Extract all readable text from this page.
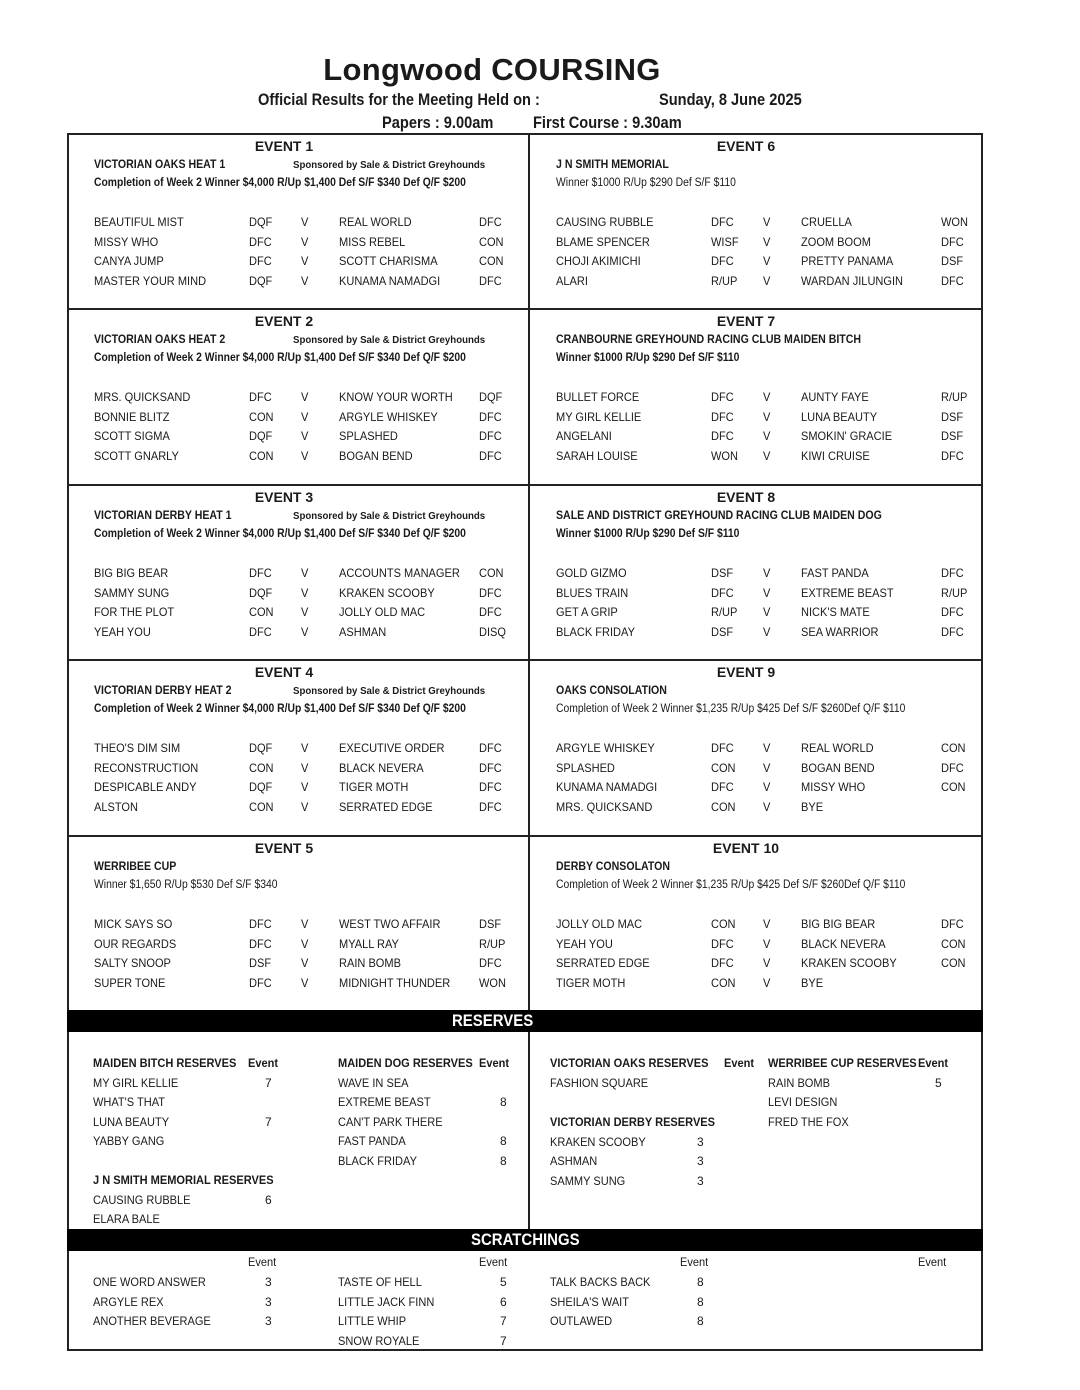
Longwood COURSING
Official Results for the Meeting Held on :	Sunday, 8 June 2025
Papers : 9.00am First Course : 9.30am
EVENT 1
VICTORIAN OAKS HEAT 1	Sponsored by Sale & District Greyhounds
Completion of Week 2 Winner $4,000 R/Up $1,400 Def S/F $340 Def Q/F $200
BEAUTIFUL MIST	DQF V	REAL WORLD	DFC
MISSY WHO	DFC V	MISS REBEL	CON
CANYA JUMP	DFC V	SCOTT CHARISMA	CON
MASTER YOUR MIND	DQF V	KUNAMA NAMADGI	DFC
EVENT 2
VICTORIAN OAKS HEAT 2	Sponsored by Sale & District Greyhounds
Completion of Week 2 Winner $4,000 R/Up $1,400 Def S/F $340 Def Q/F $200
MRS. QUICKSAND	DFC V	KNOW YOUR WORTH DQF
BONNIE BLITZ	CON V	ARGYLE WHISKEY	DFC
SCOTT SIGMA	DQF V	SPLASHED	DFC
SCOTT GNARLY	CON V	BOGAN BEND	DFC
EVENT 3
VICTORIAN DERBY HEAT 1	Sponsored by Sale & District Greyhounds
Completion of Week 2 Winner $4,000 R/Up $1,400 Def S/F $340 Def Q/F $200
BIG BIG BEAR	DFC V	ACCOUNTS MANAGER CON
SAMMY SUNG	DQF V	KRAKEN SCOOBY	DFC
FOR THE PLOT	CON V	JOLLY OLD MAC	DFC
YEAH YOU	DFC V	ASHMAN	DISQ
EVENT 4
VICTORIAN DERBY HEAT 2	Sponsored by Sale & District Greyhounds
Completion of Week 2 Winner $4,000 R/Up $1,400 Def S/F $340 Def Q/F $200
THEO'S DIM SIM	DQF V	EXECUTIVE ORDER	DFC
RECONSTRUCTION	CON V	BLACK NEVERA	DFC
DESPICABLE ANDY	DQF V	TIGER MOTH	DFC
ALSTON	CON V	SERRATED EDGE	DFC
EVENT 5
WERRIBEE CUP
Winner $1,650 R/Up $530 Def S/F $340
MICK SAYS SO	DFC V	WEST TWO AFFAIR	DSF
OUR REGARDS	DFC V	MYALL RAY	R/UP
SALTY SNOOP	DSF V	RAIN BOMB	DFC
SUPER TONE	DFC V	MIDNIGHT THUNDER WON
EVENT 6
J N SMITH MEMORIAL
Winner $1000 R/Up $290 Def S/F $110
CAUSING RUBBLE	DFC V	CRUELLA	WON
BLAME SPENCER	WISF V	ZOOM BOOM	DFC
CHOJI AKIMICHI	DFC V	PRETTY PANAMA	DSF
ALARI	R/UP V	WARDAN JILUNGIN	DFC
EVENT 7
CRANBOURNE GREYHOUND RACING CLUB MAIDEN BITCH
Winner $1000 R/Up $290 Def S/F $110
BULLET FORCE	DFC V	AUNTY FAYE	R/UP
MY GIRL KELLIE	DFC V	LUNA BEAUTY	DSF
ANGELANI	DFC V	SMOKIN' GRACIE	DSF
SARAH LOUISE	WON V	KIWI CRUISE	DFC
EVENT 8
SALE AND DISTRICT GREYHOUND RACING CLUB MAIDEN DOG
Winner $1000 R/Up $290 Def S/F $110
GOLD GIZMO	DSF V	FAST PANDA	DFC
BLUES TRAIN	DFC V	EXTREME BEAST	R/UP
GET A GRIP	R/UP V	NICK'S MATE	DFC
BLACK FRIDAY	DSF V	SEA WARRIOR	DFC
EVENT 9
OAKS CONSOLATION
Completion of Week 2 Winner $1,235 R/Up $425 Def S/F $260Def Q/F $110
ARGYLE WHISKEY	DFC V	REAL WORLD	CON
SPLASHED	CON V	BOGAN BEND	DFC
KUNAMA NAMADGI	DFC V	MISSY WHO	CON
MRS. QUICKSAND	CON V	BYE
EVENT 10
DERBY CONSOLATON
Completion of Week 2 Winner $1,235 R/Up $425 Def S/F $260Def Q/F $110
JOLLY OLD MAC	CON V	BIG BIG BEAR	DFC
YEAH YOU	DFC V	BLACK NEVERA	CON
SERRATED EDGE	DFC V	KRAKEN SCOOBY	CON
TIGER MOTH	CON V	BYE
RESERVES
MAIDEN BITCH RESERVES Event
MY GIRL KELLIE	7
WHAT'S THAT
LUNA BEAUTY	7
YABBY GANG
MAIDEN DOG RESERVES Event
WAVE IN SEA
EXTREME BEAST	8
CAN'T PARK THERE
FAST PANDA	8
BLACK FRIDAY	8
J N SMITH MEMORIAL RESERVES
CAUSING RUBBLE	6
ELARA BALE
VICTORIAN OAKS RESERVES Event
FASHION SQUARE
VICTORIAN DERBY RESERVES
KRAKEN SCOOBY	3
ASHMAN	3
SAMMY SUNG	3
WERRIBEE CUP RESERVES Event
RAIN BOMB	5
LEVI DESIGN
FRED THE FOX
SCRATCHINGS
Event
ONE WORD ANSWER	3
ARGYLE REX	3
ANOTHER BEVERAGE	3
Event
TASTE OF HELL	5
LITTLE JACK FINN	6
LITTLE WHIP	7
SNOW ROYALE	7
Event
TALK BACKS BACK	8
SHEILA'S WAIT	8
OUTLAWED	8
Event
